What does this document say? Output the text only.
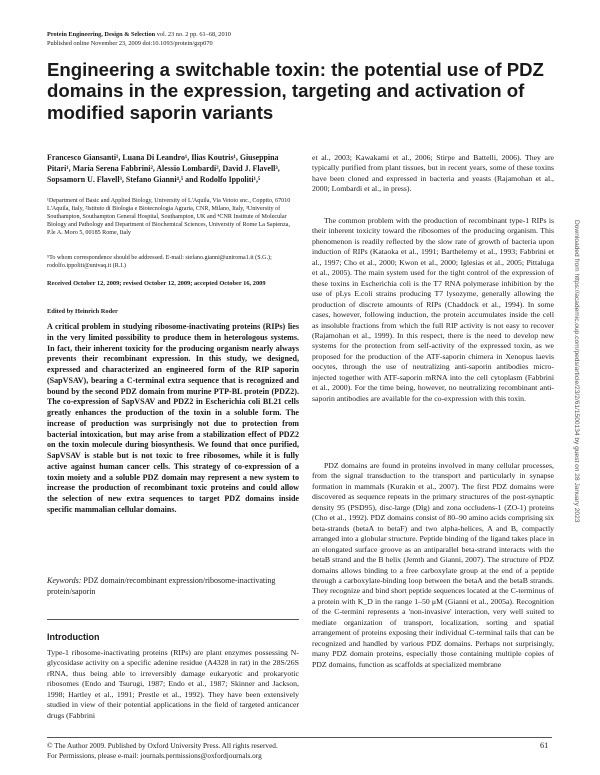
Protein Engineering, Design & Selection vol. 23 no. 2 pp. 61–68, 2010
Published online November 23, 2009 doi:10.1093/protein/gzp070
Engineering a switchable toxin: the potential use of PDZ domains in the expression, targeting and activation of modified saporin variants
Francesco Giansanti¹, Luana Di Leandro¹, Ilias Koutris¹, Giuseppina Pitari¹, Maria Serena Fabbrini², Alessio Lombardi², David J. Flavell³, Sopsamorn U. Flavell³, Stefano Gianni⁴,⁵ and Rodolfo Ippoliti¹,⁵
¹Department of Basic and Applied Biology, University of L'Aquila, Via Vetoio snc., Coppito, 67010 L'Aquila, Italy, ²Istituto di Biologia e Biotecnologia Agraria, CNR, Milano, Italy, ³University of Southampton, Southampton General Hospital, Southampton, UK and ⁴CNR Institute of Molecular Biology and Pathology and Department of Biochemical Sciences, University of Rome La Sapienza, P.le A. Moro 5, 00185 Rome, Italy
⁵To whom correspondence should be addressed. E-mail: stefano.gianni@uniroma1.it (S.G.); rodolfo.ippoliti@univaq.it (R.I.)
Received October 12, 2009; revised October 12, 2009; accepted October 16, 2009
Edited by Heinrich Roder
A critical problem in studying ribosome-inactivating proteins (RIPs) lies in the very limited possibility to produce them in heterologous systems. In fact, their inherent toxicity for the producing organism nearly always prevents their recombinant expression. In this study, we designed, expressed and characterized an engineered form of the RIP saporin (SapVSAV), bearing a C-terminal extra sequence that is recognized and bound by the second PDZ domain from murine PTP-BL protein (PDZ2). The co-expression of SapVSAV and PDZ2 in Escherichia coli BL21 cells greatly enhances the production of the toxin in a soluble form. The increase of production was surprisingly not due to protection from bacterial intoxication, but may arise from a stabilization effect of PDZ2 on the toxin molecule during biosynthesis. We found that once purified, SapVSAV is stable but is not toxic to free ribosomes, while it is fully active against human cancer cells. This strategy of co-expression of a toxin moiety and a soluble PDZ domain may represent a new system to increase the production of recombinant toxic proteins and could allow the selection of new extra sequences to target PDZ domains inside specific mammalian cellular domains.
Keywords: PDZ domain/recombinant expression/ribosome-inactivating protein/saporin
Introduction
Type-1 ribosome-inactivating proteins (RIPs) are plant enzymes possessing N-glycosidase activity on a specific adenine residue (A4328 in rat) in the 28S/26S rRNA, thus being able to irreversibly damage eukaryotic and prokaryotic ribosomes (Endo and Tsurugi, 1987; Endo et al., 1987; Skinner and Jackson, 1998; Hartley et al., 1991; Prestle et al., 1992). They have been extensively studied in view of their potential applications in the field of targeted anticancer drugs (Fabbrini
et al., 2003; Kawakami et al., 2006; Stirpe and Battelli, 2006). They are typically purified from plant tissues, but in recent years, some of these toxins have been cloned and expressed in bacteria and yeasts (Rajamohan et al., 2000; Lombardi et al., in press).
The common problem with the production of recombinant type-1 RIPs is their inherent toxicity toward the ribosomes of the producing organism. This phenomenon is readily reflected by the slow rate of growth of bacteria upon induction of RIPs (Kataoka et al., 1991; Barthelemy et al., 1993; Fabbrini et al., 1997; Cho et al., 2000; Kwon et al., 2000; Iglesias et al., 2005; Pittaluga et al., 2005). The main system used for the tight control of the expression of these toxins in Escherichia coli is the T7 RNA polymerase inhibition by the use of pLys E.coli strains producing T7 lysozyme, generally allowing the production of discrete amounts of RIPs (Chaddock et al., 1994). In some cases, however, following induction, the protein accumulates inside the cell as insoluble fractions from which the full RIP activity is not easy to recover (Rajamohan et al., 1999). In this respect, there is the need to develop new systems for the protection from self-activity of the expressed toxin, as we proposed for the production of the ATF-saporin chimera in Xenopus laevis oocytes, through the use of neutralizing anti-saporin antibodies micro-injected together with ATF-saporin mRNA into the cell cytoplasm (Fabbrini et al., 2000). For the time being, however, no neutralizing recombinant anti-saporin antibodies are available for the co-expression with this toxin.
PDZ domains are found in proteins involved in many cellular processes, from the signal transduction to the transport and particularly in synapse formation in mammals (Kurakin et al., 2007). The first PDZ domains were discovered as sequence repeats in the primary structures of the post-synaptic density 95 (PSD95), disc-large (Dlg) and zona occludens-1 (ZO-1) proteins (Cho et al., 1992). PDZ domains consist of 80–90 amino acids comprising six beta-strands (betaA to betaF) and two alpha-helices, A and B, compactly arranged into a globular structure. Peptide binding of the ligand takes place in an elongated surface groove as an antiparallel beta-strand interacts with the betaB strand and the B helix (Jemth and Gianni, 2007). The structure of PDZ domains allows binding to a free carboxylate group at the end of a peptide through a carboxylate-binding loop between the betaA and the betaB strands. They recognize and bind short peptide sequences located at the C-terminus of a protein with K_D in the range 1–50 μM (Gianni et al., 2005a). Recognition of the C-termini represents a 'non-invasive' interaction, very well suited to mediate organization of transport, localization, sorting and spatial arrangement of proteins exposing their individual C-terminal tails that can be recognized and handled by various PDZ domains. Perhaps not surprisingly, many PDZ domain proteins, especially those containing multiple copies of PDZ domains, function as scaffolds at specialized membrane
© The Author 2009. Published by Oxford University Press. All rights reserved.
For Permissions, please e-mail: journals.permissions@oxfordjournals.org
61
Downloaded from https://academic.oup.com/peds/article/23/2/61/1500134 by guest on 28 January 2023
